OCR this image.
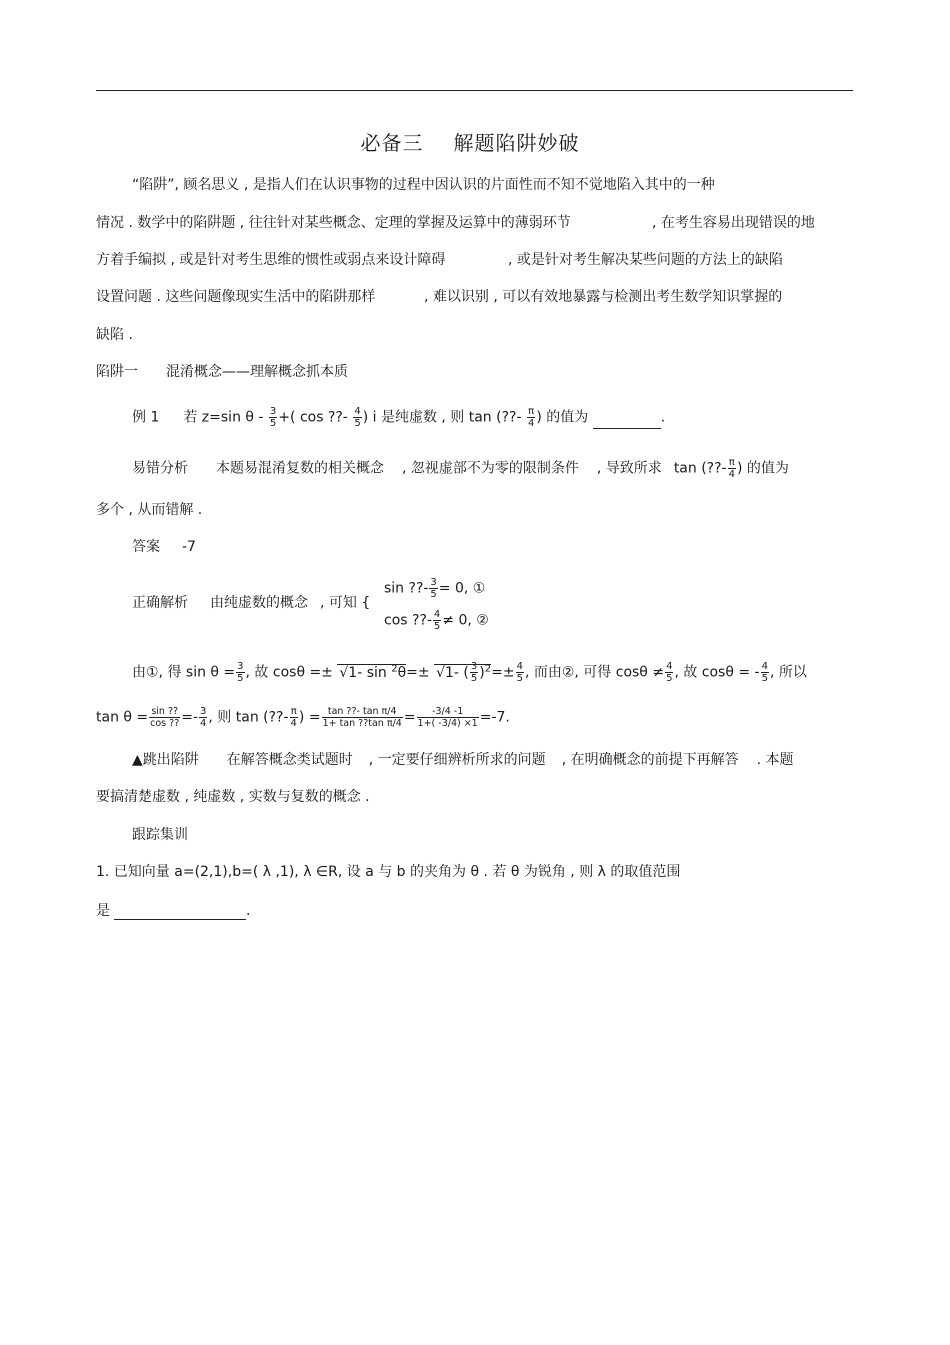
必备三 解题陷阱妙破
“陷阱”, 顾名思义 , 是指人们在认识事物的过程中因认识的片面性而不知不觉地陷入其中的一种
情况 . 数学中的陷阱题 , 往往针对某些概念、定理的掌握及运算中的薄弱环节	, 在考生容易出现错误的地
方着手编拟 , 或是针对考生思维的惯性或弱点来设计障碍	, 或是针对考生解决某些问题的方法上的缺陷
设置问题 . 这些问题像现实生活中的陷阱那样	, 难以识别 , 可以有效地暴露与检测出考生数学知识掌握的
缺陷 .
陷阱一 混淆概念——理解概念抓本质
例 1 若 z=sin θ - $\frac{3}{5}$ +( cos ??- $\frac{4}{5}$ ) i 是纯虚数 , 则 tan (??- $\frac{\pi}{4}$ ) 的值为	.
易错分析 本题易混淆复数的相关概念 , 忽视虚部不为零的限制条件 , 导致所求 tan (??- $\frac{\pi}{4}$ ) 的值为
多个 , 从而错解 .
答案 -7
正确解析 由纯虚数的概念 , 可知 {
sin ??- $\frac{3}{5} = 0$, ①
cos ??- $\frac{4}{5} \ne 0$, ②
由①, 得 $\sin \theta = \frac{3}{5}$ , 故 cosθ =± √1- sin $^2$θ=± √1- ( $\frac{3}{5} )^2=\pm \frac{4}{5}$ , 而由②, 可得 $\cos\theta \ne \frac{4}{5}$ , 故 cosθ = - $\frac{4}{5}$ , 所以
$\tan \theta = \frac{\sin ??}{\cos ??} =- \frac{3}{4}$ , 则 tan (??- $\frac{\pi}{4}$ ) = $\frac{\text{tan ??- tan π/4}}{\text{1+ tan ??tan π/4}} = \frac{-3/4 -1}{1+( -3/4) \times 1} =-7$.
▲跳出陷阱 在解答概念类试题时 , 一定要仔细辨析所求的问题 , 在明确概念的前提下再解答 . 本题
要搞清楚虚数 , 纯虚数 , 实数与复数的概念 .
跟踪集训
1. 已知向量 a=(2,1),b=( λ ,1), λ ∈R, 设 a 与 b 的夹角为 θ . 若 θ 为锐角 , 则 λ 的取值范围
是	.
